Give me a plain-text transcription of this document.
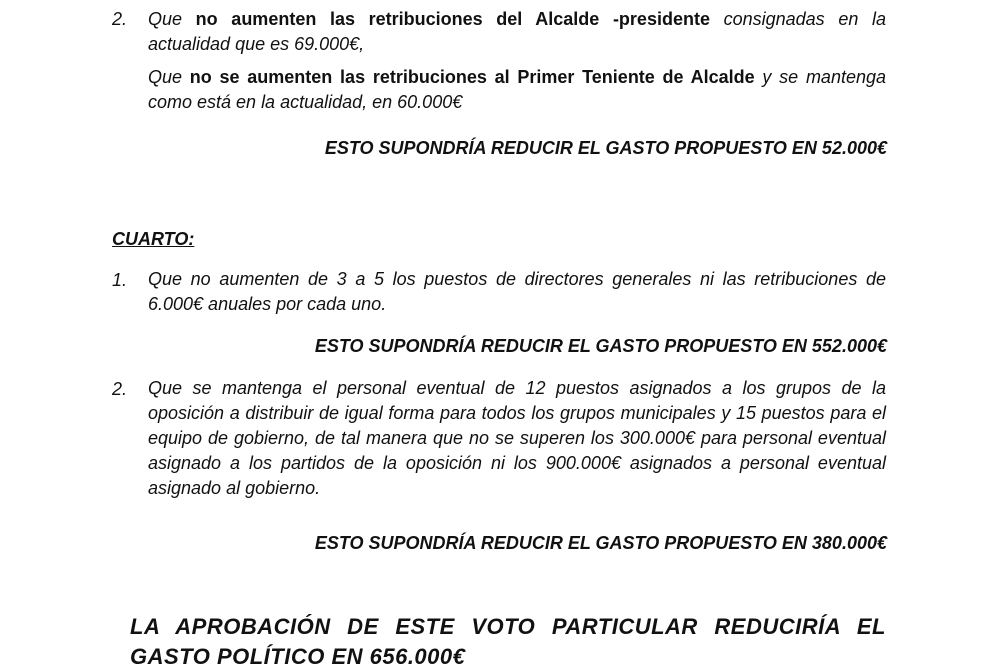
2. Que no aumenten las retribuciones del Alcalde -presidente consignadas en la actualidad que es 69.000€,

Que no se aumenten las retribuciones al Primer Teniente de Alcalde y se mantenga como está en la actualidad, en 60.000€

ESTO SUPONDRÍA REDUCIR EL GASTO PROPUESTO EN 52.000€
CUARTO:
1. Que no aumenten de 3 a 5 los puestos de directores generales ni las retribuciones de 6.000€ anuales por cada uno.

ESTO SUPONDRÍA REDUCIR EL GASTO PROPUESTO EN 552.000€
2. Que se mantenga el personal eventual de 12 puestos asignados a los grupos de la oposición a distribuir de igual forma para todos los grupos municipales y 15 puestos para el equipo de gobierno, de tal manera que no se superen los 300.000€ para personal eventual asignado a los partidos de la oposición ni los 900.000€ asignados a personal eventual asignado al gobierno.

ESTO SUPONDRÍA REDUCIR EL GASTO PROPUESTO EN 380.000€
LA APROBACIÓN DE ESTE VOTO PARTICULAR REDUCIRÍA EL GASTO POLÍTICO EN 656.000€
